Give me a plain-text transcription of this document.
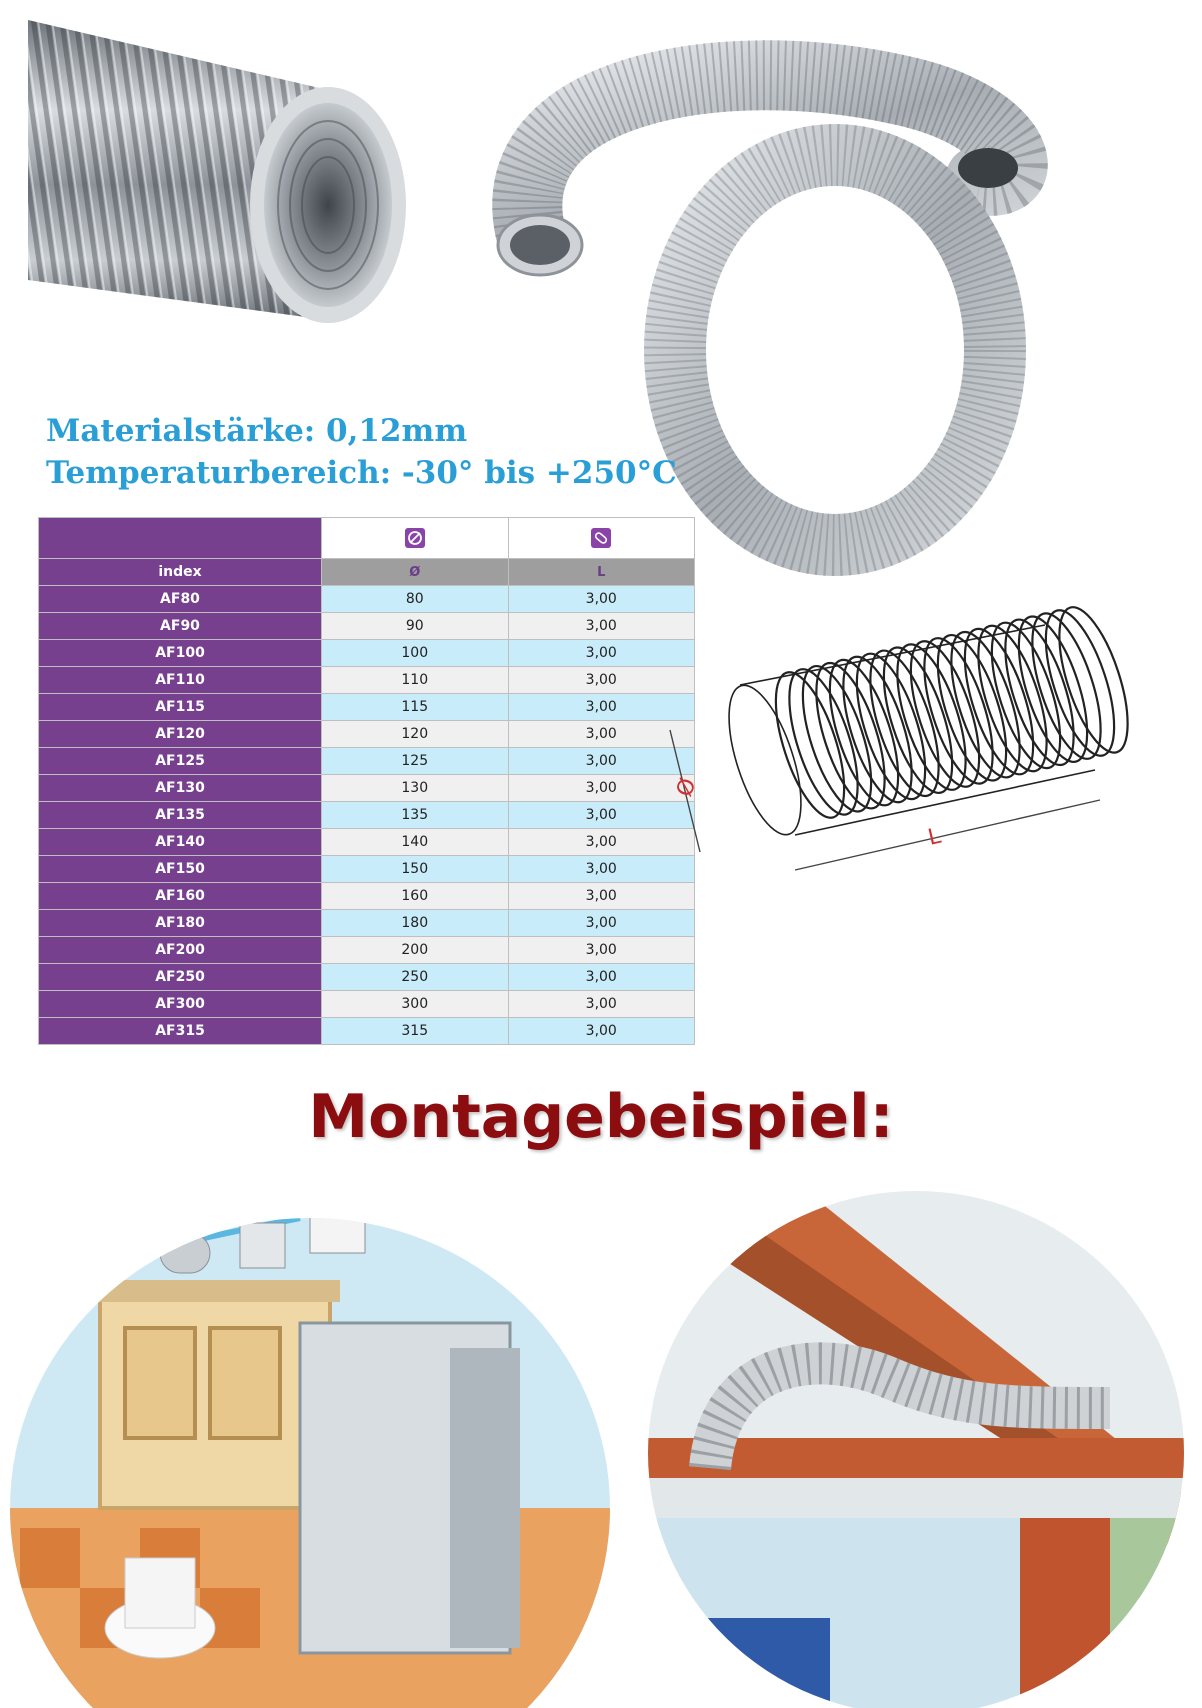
Materialstärke: 0,12mm
Temperaturbereich: -30° bis +250°C

index	Ø	L
AF80	80	3,00
AF90	90	3,00
AF100	100	3,00
AF110	110	3,00
AF115	115	3,00
AF120	120	3,00
AF125	125	3,00
AF130	130	3,00
AF135	135	3,00
AF140	140	3,00
AF150	150	3,00
AF160	160	3,00
AF180	180	3,00
AF200	200	3,00
AF250	250	3,00
AF300	300	3,00
AF315	315	3,00
Ø
L
Montagebeispiel:
